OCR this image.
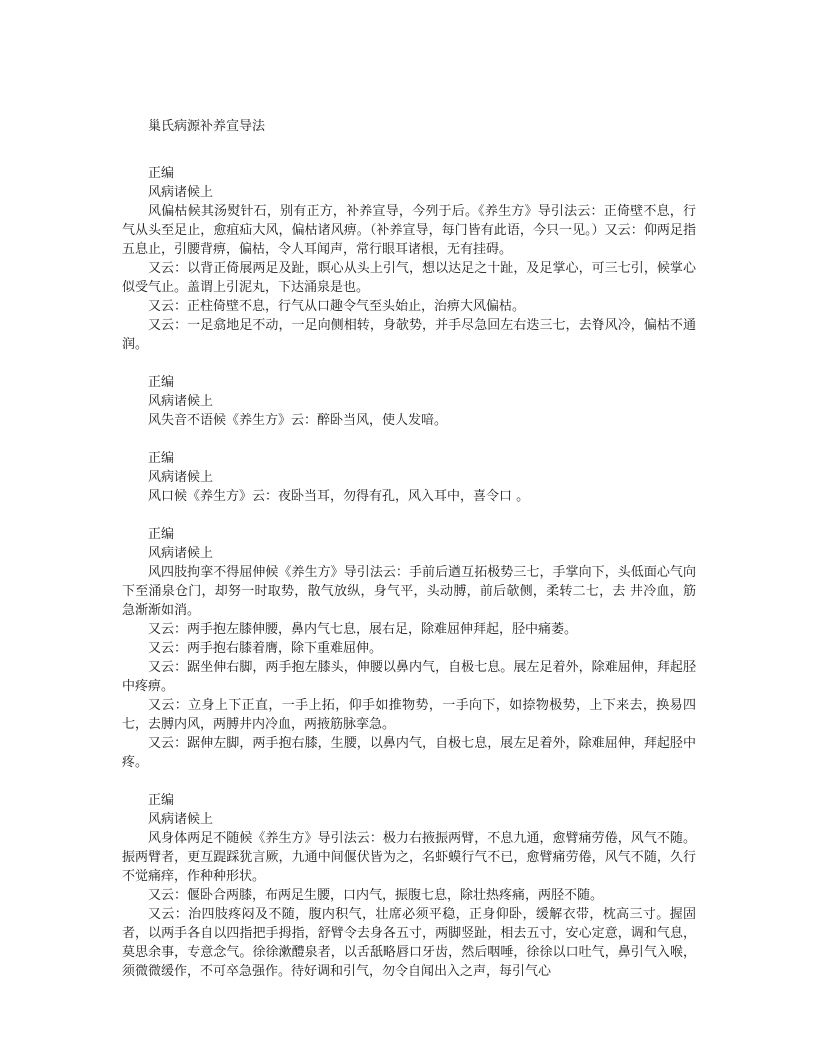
巢氏病源补养宣导法
正编
风病诸候上

风偏枯候其汤熨针石，别有正方，补养宣导，今列于后。《养生方》导引法云：正倚壁不息，行气从头至足止，愈疽疝大风，偏枯诸风痹。（补养宣导，每门皆有此语，今只一见。）又云：仰两足指五息止，引腰背痹，偏枯，令人耳闻声，常行眼耳诸根，无有挂碍。

又云：以背正倚展两足及趾，瞑心从头上引气，想以达足之十趾，及足掌心，可三七引，候掌心似受气止。盖谓上引泥丸，下达涌泉是也。

又云：正柱倚壁不息，行气从口趣令气至头始止，治痹大风偏枯。

又云：一足翕地足不动，一足向侧相转，身欹势，并手尽急回左右迭三七，去脊风冷，偏枯不通润。

正编
风病诸候上

风失音不语候《养生方》云：醉卧当风，使人发喑。

正编
风病诸候上

风口候《养生方》云：夜卧当耳，勿得有孔，风入耳中，喜令口 。

正编
风病诸候上

风四肢拘挛不得屈伸候《养生方》导引法云：手前后遒互拓极势三七，手掌向下，头低面心气向下至涌泉仓门，却努一时取势，散气放纵，身气平，头动膊，前后欹侧，柔转二七，去 井冷血，筋急渐渐如消。

又云：两手抱左膝伸腰，鼻内气七息，展右足，除难屈伸拜起，胫中痛萎。

又云：两手抱右膝着膺，除下重难屈伸。

又云：踞坐伸右脚，两手抱左膝头，伸腰以鼻内气，自极七息。展左足着外，除难屈伸，拜起胫中疼痹。

又云：立身上下正直，一手上拓，仰手如推物势，一手向下，如捺物极势，上下来去，换易四七，去膊内风，两膊井内冷血，两掖筋脉挛急。

又云：踞伸左脚，两手抱右膝，生腰，以鼻内气，自极七息，展左足着外，除难屈伸，拜起胫中疼。

正编
风病诸候上

风身体两足不随候《养生方》导引法云：极力右掖振两臂，不息九通，愈臂痛劳倦，风气不随。振两臂者，更互踶踩犹言厥，九通中间偃伏皆为之，名虾蟆行气不已，愈臂痛劳倦，风气不随，久行不觉痛痒，作种种形状。

又云：偃卧合两膝，布两足生腰，口内气，振腹七息，除壮热疼痛，两胫不随。

又云：治四肢疼闷及不随，腹内积气，壮席必须平稳，正身仰卧，缓解衣带，枕高三寸。握固者，以两手各自以四指把手拇指，舒臂令去身各五寸，两脚竖趾，相去五寸，安心定意，调和气息，莫思余事，专意念气。徐徐漱醴泉者，以舌舐略唇口牙齿，然后咽唾，徐徐以口吐气，鼻引气入喉，须微微缓作，不可卒急强作。待好调和引气，勿令自闻出入之声，每引气心
